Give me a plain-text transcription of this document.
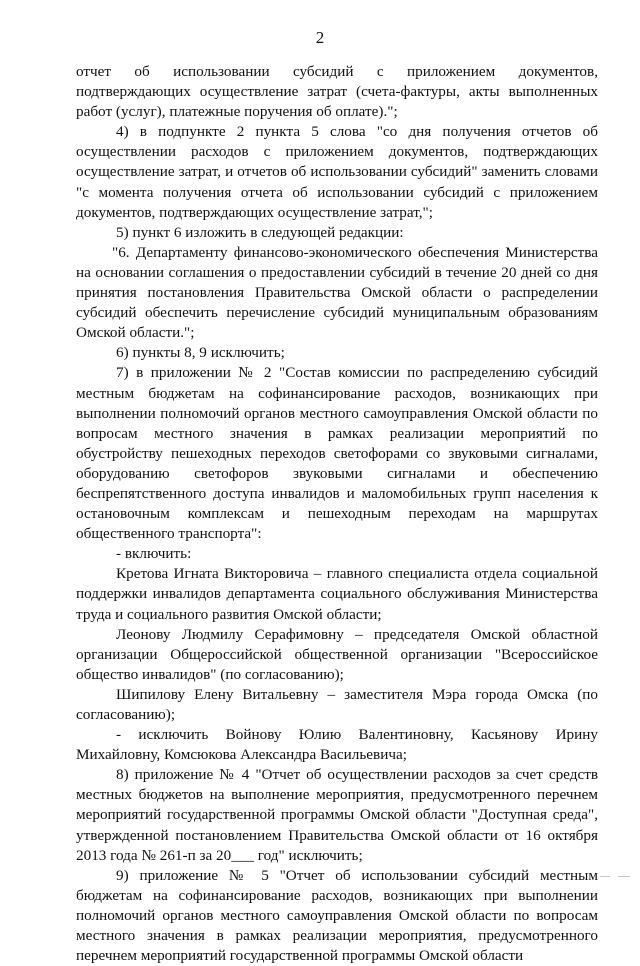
2

отчет об использовании субсидий с приложением документов, подтверждающих осуществление затрат (счета-фактуры, акты выполненных работ (услуг), платежные поручения об оплате).";

4) в подпункте 2 пункта 5 слова "со дня получения отчетов об осуществлении расходов с приложением документов, подтверждающих осуществление затрат, и отчетов об использовании субсидий" заменить словами "с момента получения отчета об использовании субсидий с приложением документов, подтверждающих осуществление затрат,";

5) пункт 6 изложить в следующей редакции:

"6. Департаменту финансово-экономического обеспечения Министерства на основании соглашения о предоставлении субсидий в течение 20 дней со дня принятия постановления Правительства Омской области о распределении субсидий обеспечить перечисление субсидий муниципальным образованиям Омской области.";

6) пункты 8, 9 исключить;

7) в приложении № 2 "Состав комиссии по распределению субсидий местным бюджетам на софинансирование расходов, возникающих при выполнении полномочий органов местного самоуправления Омской области по вопросам местного значения в рамках реализации мероприятий по обустройству пешеходных переходов светофорами со звуковыми сигналами, оборудованию светофоров звуковыми сигналами и обеспечению беспрепятственного доступа инвалидов и маломобильных групп населения к остановочным комплексам и пешеходным переходам на маршрутах общественного транспорта":

- включить:

Кретова Игната Викторовича – главного специалиста отдела социальной поддержки инвалидов департамента социального обслуживания Министерства труда и социального развития Омской области;

Леонову Людмилу Серафимовну – председателя Омской областной организации Общероссийской общественной организации "Всероссийское общество инвалидов" (по согласованию);

Шипилову Елену Витальевну – заместителя Мэра города Омска (по согласованию);

- исключить Войнову Юлию Валентиновну, Касьянову Ирину Михайловну, Комсюкова Александра Васильевича;

8) приложение № 4 "Отчет об осуществлении расходов за счет средств местных бюджетов на выполнение мероприятия, предусмотренного перечнем мероприятий государственной программы Омской области "Доступная среда", утвержденной постановлением Правительства Омской области от 16 октября 2013 года № 261-п за 20___ год" исключить;

9) приложение № 5 "Отчет об использовании субсидий местным бюджетам на софинансирование расходов, возникающих при выполнении полномочий органов местного самоуправления Омской области по вопросам местного значения в рамках реализации мероприятия, предусмотренного перечнем мероприятий государственной программы Омской области
